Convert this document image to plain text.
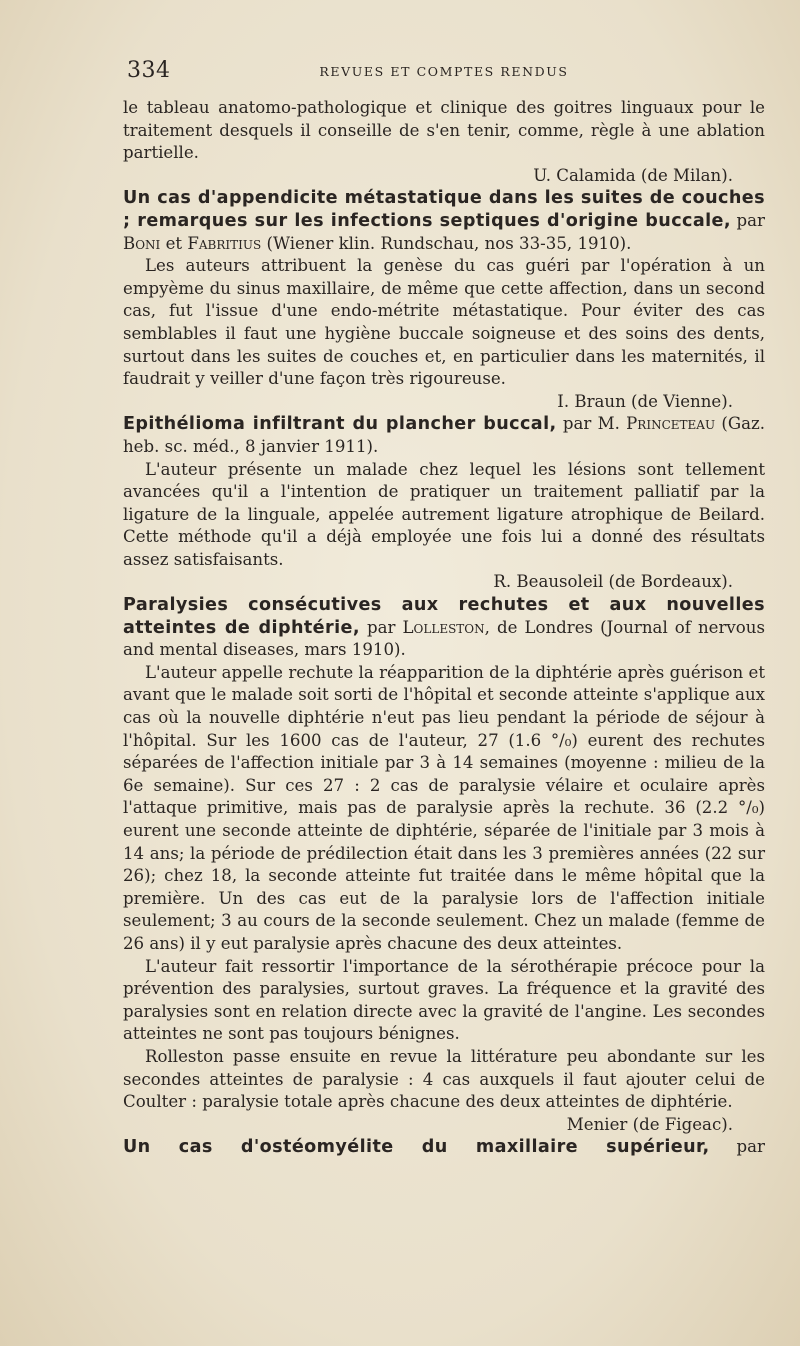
334	REVUES ET COMPTES RENDUS

le tableau anatomo-pathologique et clinique des goitres linguaux pour le traitement desquels il conseille de s'en tenir, comme, règle à une ablation partielle.

U. Calamida (de Milan).

Un cas d'appendicite métastatique dans les suites de couches ; remarques sur les infections septiques d'origine buccale, par Boni et Fabritius (Wiener klin. Rundschau, nos 33-35, 1910).

Les auteurs attribuent la genèse du cas guéri par l'opération à un empyème du sinus maxillaire, de même que cette affection, dans un second cas, fut l'issue d'une endo-métrite métastatique. Pour éviter des cas semblables il faut une hygiène buccale soigneuse et des soins des dents, surtout dans les suites de couches et, en particulier dans les maternités, il faudrait y veiller d'une façon très rigoureuse.

I. Braun (de Vienne).

Epithélioma infiltrant du plancher buccal, par M. Princeteau (Gaz. heb. sc. méd., 8 janvier 1911).

L'auteur présente un malade chez lequel les lésions sont tellement avancées qu'il a l'intention de pratiquer un traitement palliatif par la ligature de la linguale, appelée autrement ligature atrophique de Beilard. Cette méthode qu'il a déjà employée une fois lui a donné des résultats assez satisfaisants.

R. Beausoleil (de Bordeaux).

Paralysies consécutives aux rechutes et aux nouvelles atteintes de diphtérie, par Lolleston, de Londres (Journal of nervous and mental diseases, mars 1910).

L'auteur appelle rechute la réapparition de la diphtérie après guérison et avant que le malade soit sorti de l'hôpital et seconde atteinte s'applique aux cas où la nouvelle diphtérie n'eut pas lieu pendant la période de séjour à l'hôpital. Sur les 1600 cas de l'auteur, 27 (1.6 °/₀) eurent des rechutes séparées de l'affection initiale par 3 à 14 semaines (moyenne : milieu de la 6e semaine). Sur ces 27 : 2 cas de paralysie vélaire et oculaire après l'attaque primitive, mais pas de paralysie après la rechute. 36 (2.2 °/₀) eurent une seconde atteinte de diphtérie, séparée de l'initiale par 3 mois à 14 ans; la période de prédilection était dans les 3 premières années (22 sur 26); chez 18, la seconde atteinte fut traitée dans le même hôpital que la première. Un des cas eut de la paralysie lors de l'affection initiale seulement; 3 au cours de la seconde seulement. Chez un malade (femme de 26 ans) il y eut paralysie après chacune des deux atteintes.

L'auteur fait ressortir l'importance de la sérothérapie précoce pour la prévention des paralysies, surtout graves. La fréquence et la gravité des paralysies sont en relation directe avec la gravité de l'angine. Les secondes atteintes ne sont pas toujours bénignes.

Rolleston passe ensuite en revue la littérature peu abondante sur les secondes atteintes de paralysie : 4 cas auxquels il faut ajouter celui de Coulter : paralysie totale après chacune des deux atteintes de diphtérie.

Menier (de Figeac).

Un cas d'ostéomyélite du maxillaire supérieur, par
